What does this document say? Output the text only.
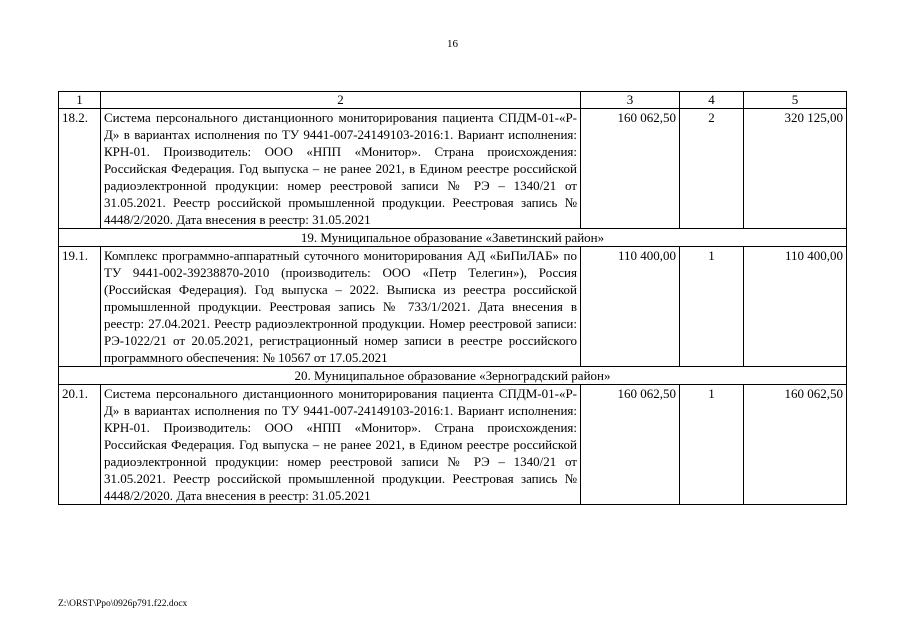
16
1	2	3	4	5
18.2.	Система персонального дистанционного мониторирования пациента СПДМ-01-«Р-Д» в вариантах исполнения по ТУ 9441-007-24149103-2016:1. Вариант исполнения: КРН-01. Производитель: ООО «НПП «Монитор». Страна происхождения: Российская Федерация. Год выпуска – не ранее 2021, в Едином реестре российской радиоэлектронной продукции: номер реестровой записи № РЭ – 1340/21 от 31.05.2021. Реестр российской промышленной продукции. Реестровая запись № 4448/2/2020. Дата внесения в реестр: 31.05.2021	160 062,50	2	320 125,00
19. Муниципальное образование «Заветинский район»				
19.1.	Комплекс программно-аппаратный суточного мониторирования АД «БиПиЛАБ» по ТУ 9441-002-39238870-2010 (производитель: ООО «Петр Телегин»), Россия (Российская Федерация). Год выпуска – 2022. Выписка из реестра российской промышленной продукции. Реестровая запись № 733/1/2021. Дата внесения в реестр: 27.04.2021. Реестр радиоэлектронной продукции. Номер реестровой записи: РЭ-1022/21 от 20.05.2021, регистрационный номер записи в реестре российского программного обеспечения: № 10567 от 17.05.2021	110 400,00	1	110 400,00
20. Муниципальное образование «Зерноградский район»				
20.1.	Система персонального дистанционного мониторирования пациента СПДМ-01-«Р-Д» в вариантах исполнения по ТУ 9441-007-24149103-2016:1. Вариант исполнения: КРН-01. Производитель: ООО «НПП «Монитор». Страна происхождения: Российская Федерация. Год выпуска – не ранее 2021, в Едином реестре российской радиоэлектронной продукции: номер реестровой записи № РЭ – 1340/21 от 31.05.2021. Реестр российской промышленной продукции. Реестровая запись № 4448/2/2020. Дата внесения в реестр: 31.05.2021	160 062,50	1	160 062,50
Z:\ORST\Ppo\0926p791.f22.docx
